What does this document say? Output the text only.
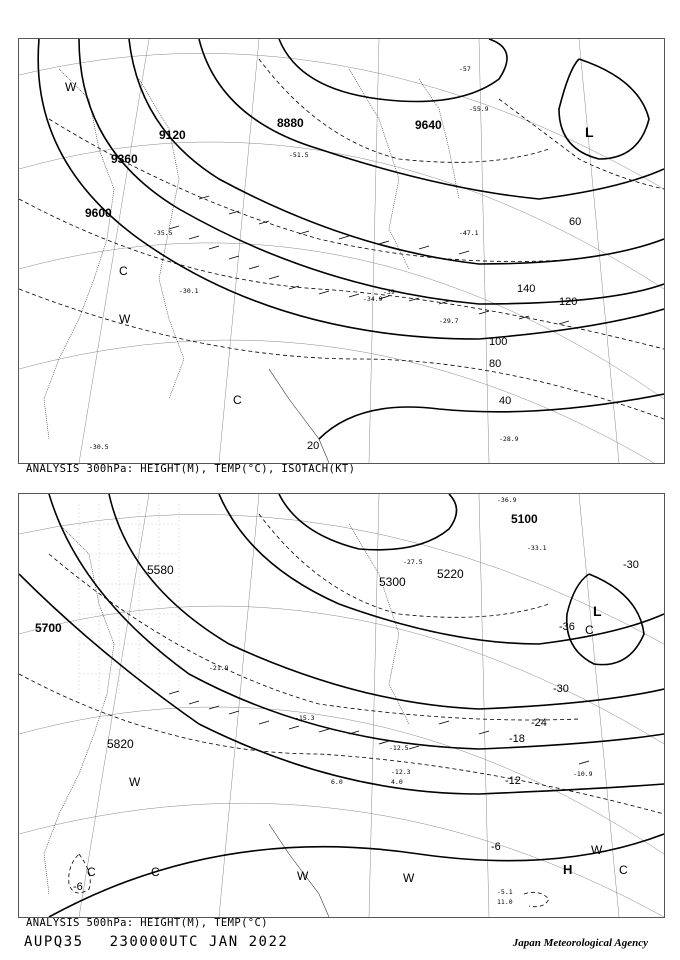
9120
9360
9600
8880	9640
20
40
60
80
100
120
140
-57
-55.9
-51.5
-47.1
-39
-35.5
-34.9
-30.1
-29.7
-28.9
-30.5
C
W
C
W
L
ANALYSIS 300hPa: HEIGHT(M), TEMP(°C), ISOTACH(KT)
5580
5700
5820
5220
5100
5300
-30
-36
-30
-24
-18
-12
-6
-6
-36.9
-33.1
-27.5
-21.9
-15.3
-12.5
-12.3	-10.9
-5.1
6.0	4.0
11.0
L
C
W
C	W	W
H
W
C
C
ANALYSIS 500hPa: HEIGHT(M), TEMP(°C)
AUPQ35 230000UTC JAN 2022	Japan Meteorological Agency
